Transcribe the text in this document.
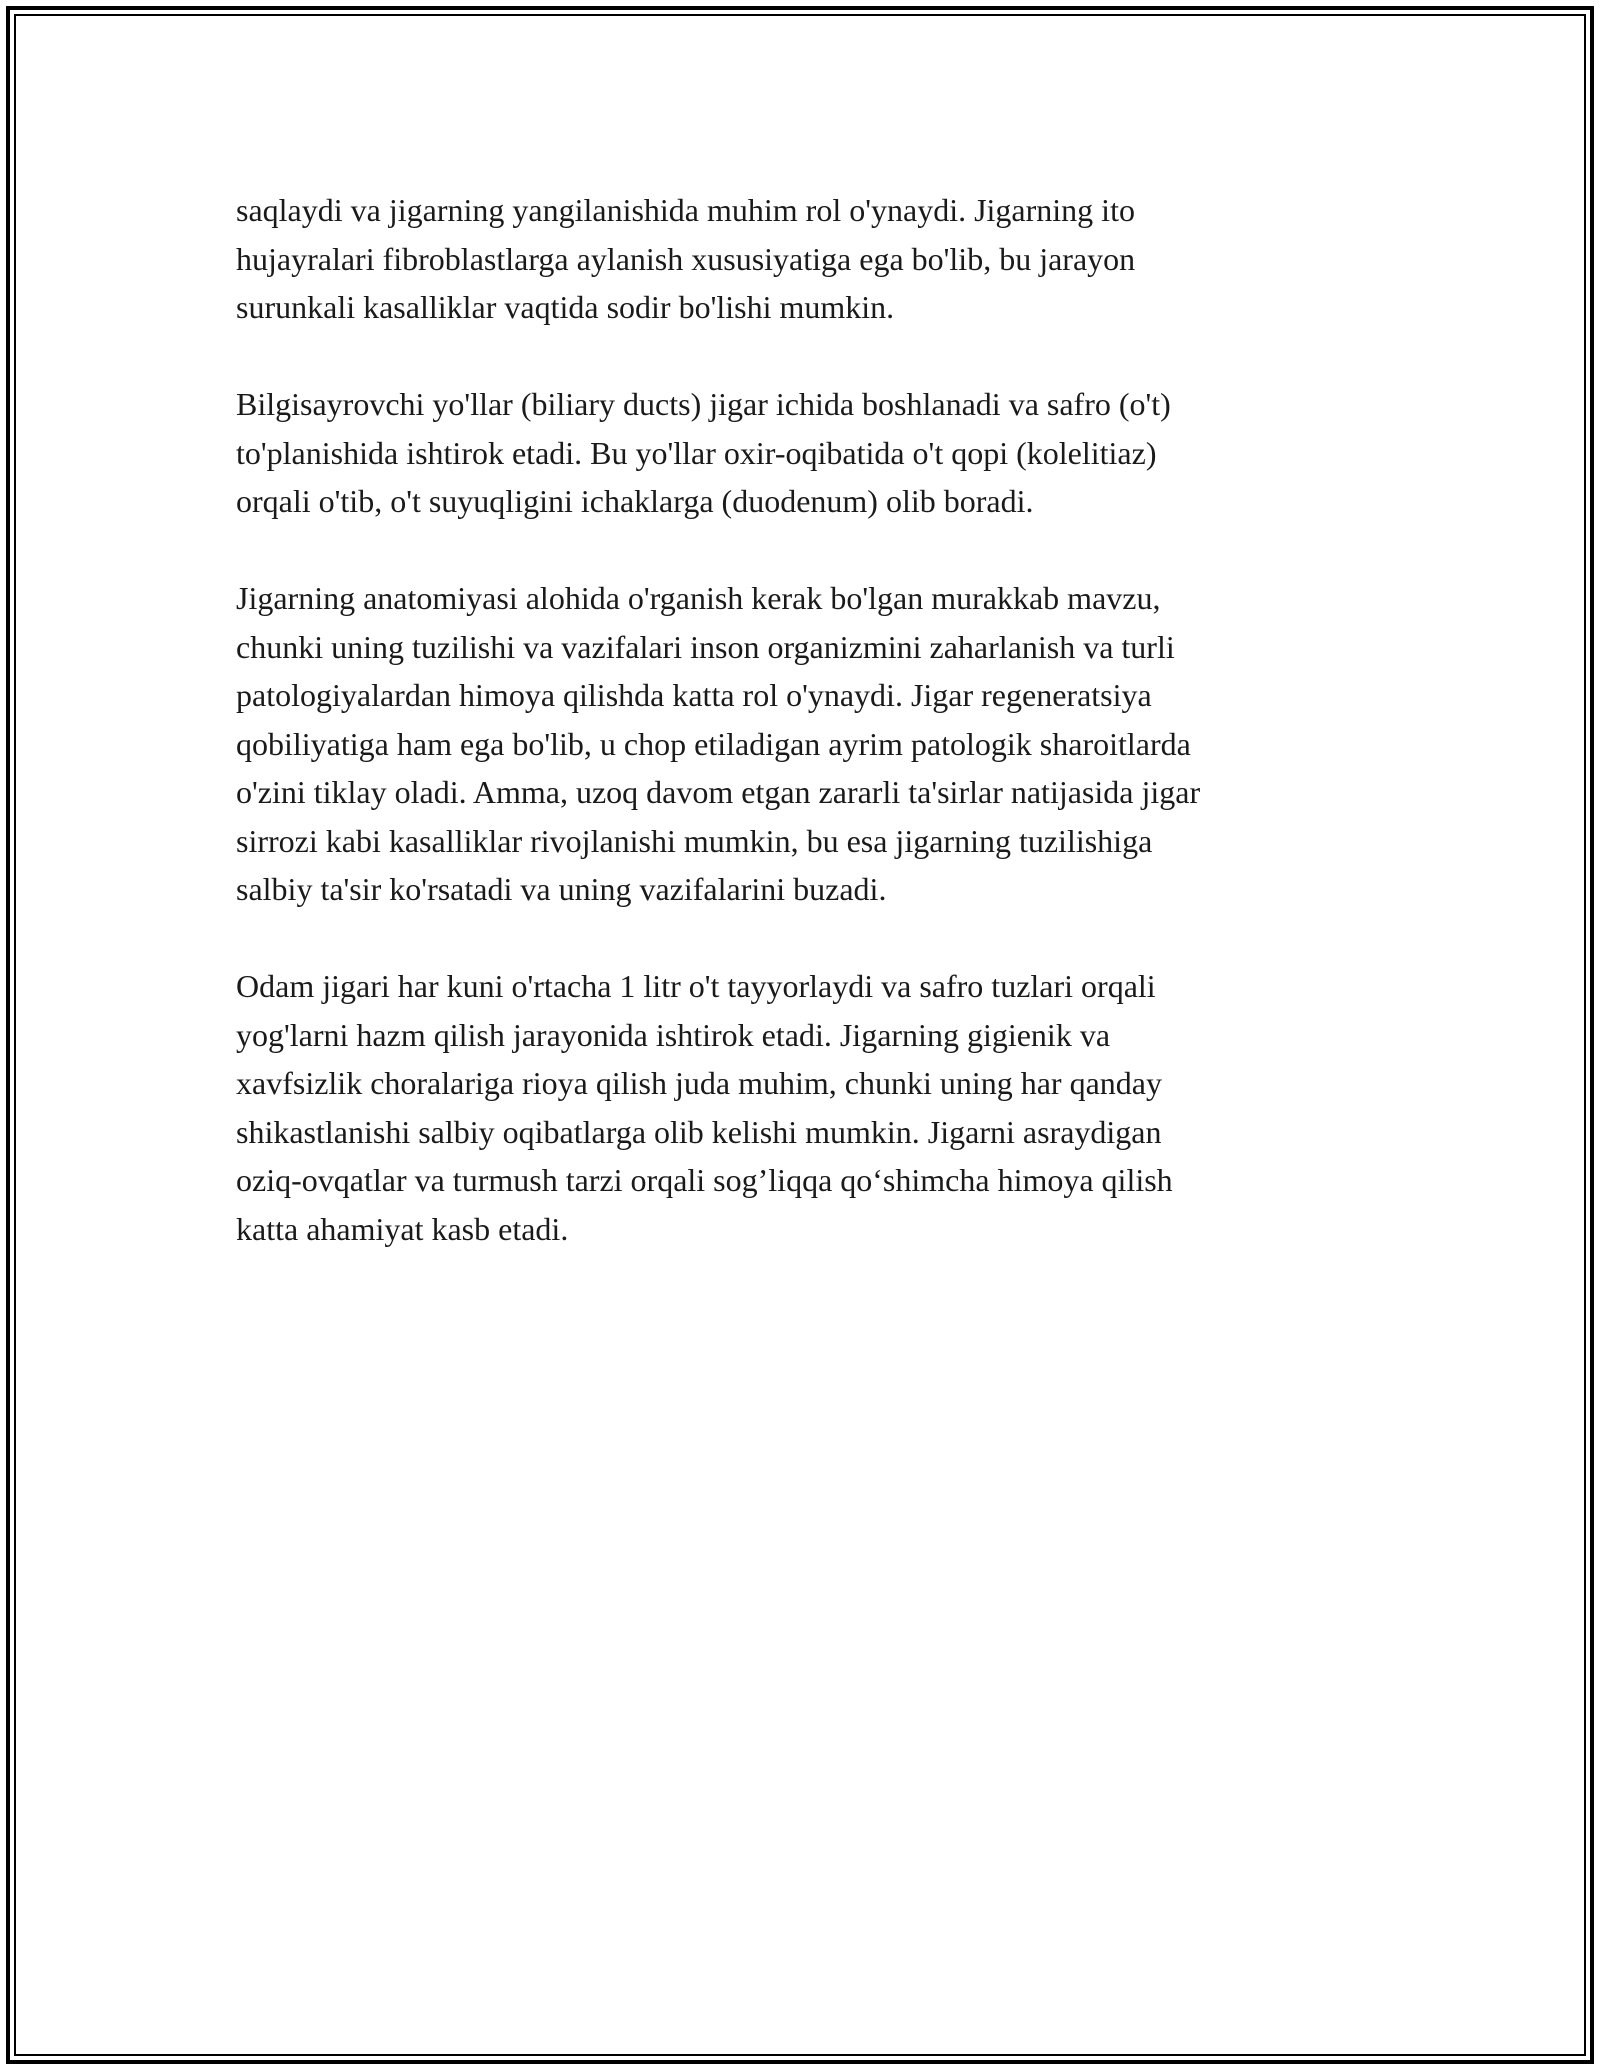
saqlaydi va jigarning yangilanishida muhim rol o'ynaydi. Jigarning ito
hujayralari fibroblastlarga aylanish xususiyatiga ega bo'lib, bu jarayon
surunkali kasalliklar vaqtida sodir bo'lishi mumkin.

Bilgisayrovchi yo'llar (biliary ducts) jigar ichida boshlanadi va safro (o't)
to'planishida ishtirok etadi. Bu yo'llar oxir-oqibatida o't qopi (kolelitiaz)
orqali o'tib, o't suyuqligini ichaklarga (duodenum) olib boradi.

Jigarning anatomiyasi alohida o'rganish kerak bo'lgan murakkab mavzu,
chunki uning tuzilishi va vazifalari inson organizmini zaharlanish va turli
patologiyalardan himoya qilishda katta rol o'ynaydi. Jigar regeneratsiya
qobiliyatiga ham ega bo'lib, u chop etiladigan ayrim patologik sharoitlarda
o'zini tiklay oladi. Amma, uzoq davom etgan zararli ta'sirlar natijasida jigar
sirrozi kabi kasalliklar rivojlanishi mumkin, bu esa jigarning tuzilishiga
salbiy ta'sir ko'rsatadi va uning vazifalarini buzadi.

Odam jigari har kuni o'rtacha 1 litr o't tayyorlaydi va safro tuzlari orqali
yog'larni hazm qilish jarayonida ishtirok etadi. Jigarning gigienik va
xavfsizlik choralariga rioya qilish juda muhim, chunki uning har qanday
shikastlanishi salbiy oqibatlarga olib kelishi mumkin. Jigarni asraydigan
oziq-ovqatlar va turmush tarzi orqali sog’liqqa qo‘shimcha himoya qilish
katta ahamiyat kasb etadi.
